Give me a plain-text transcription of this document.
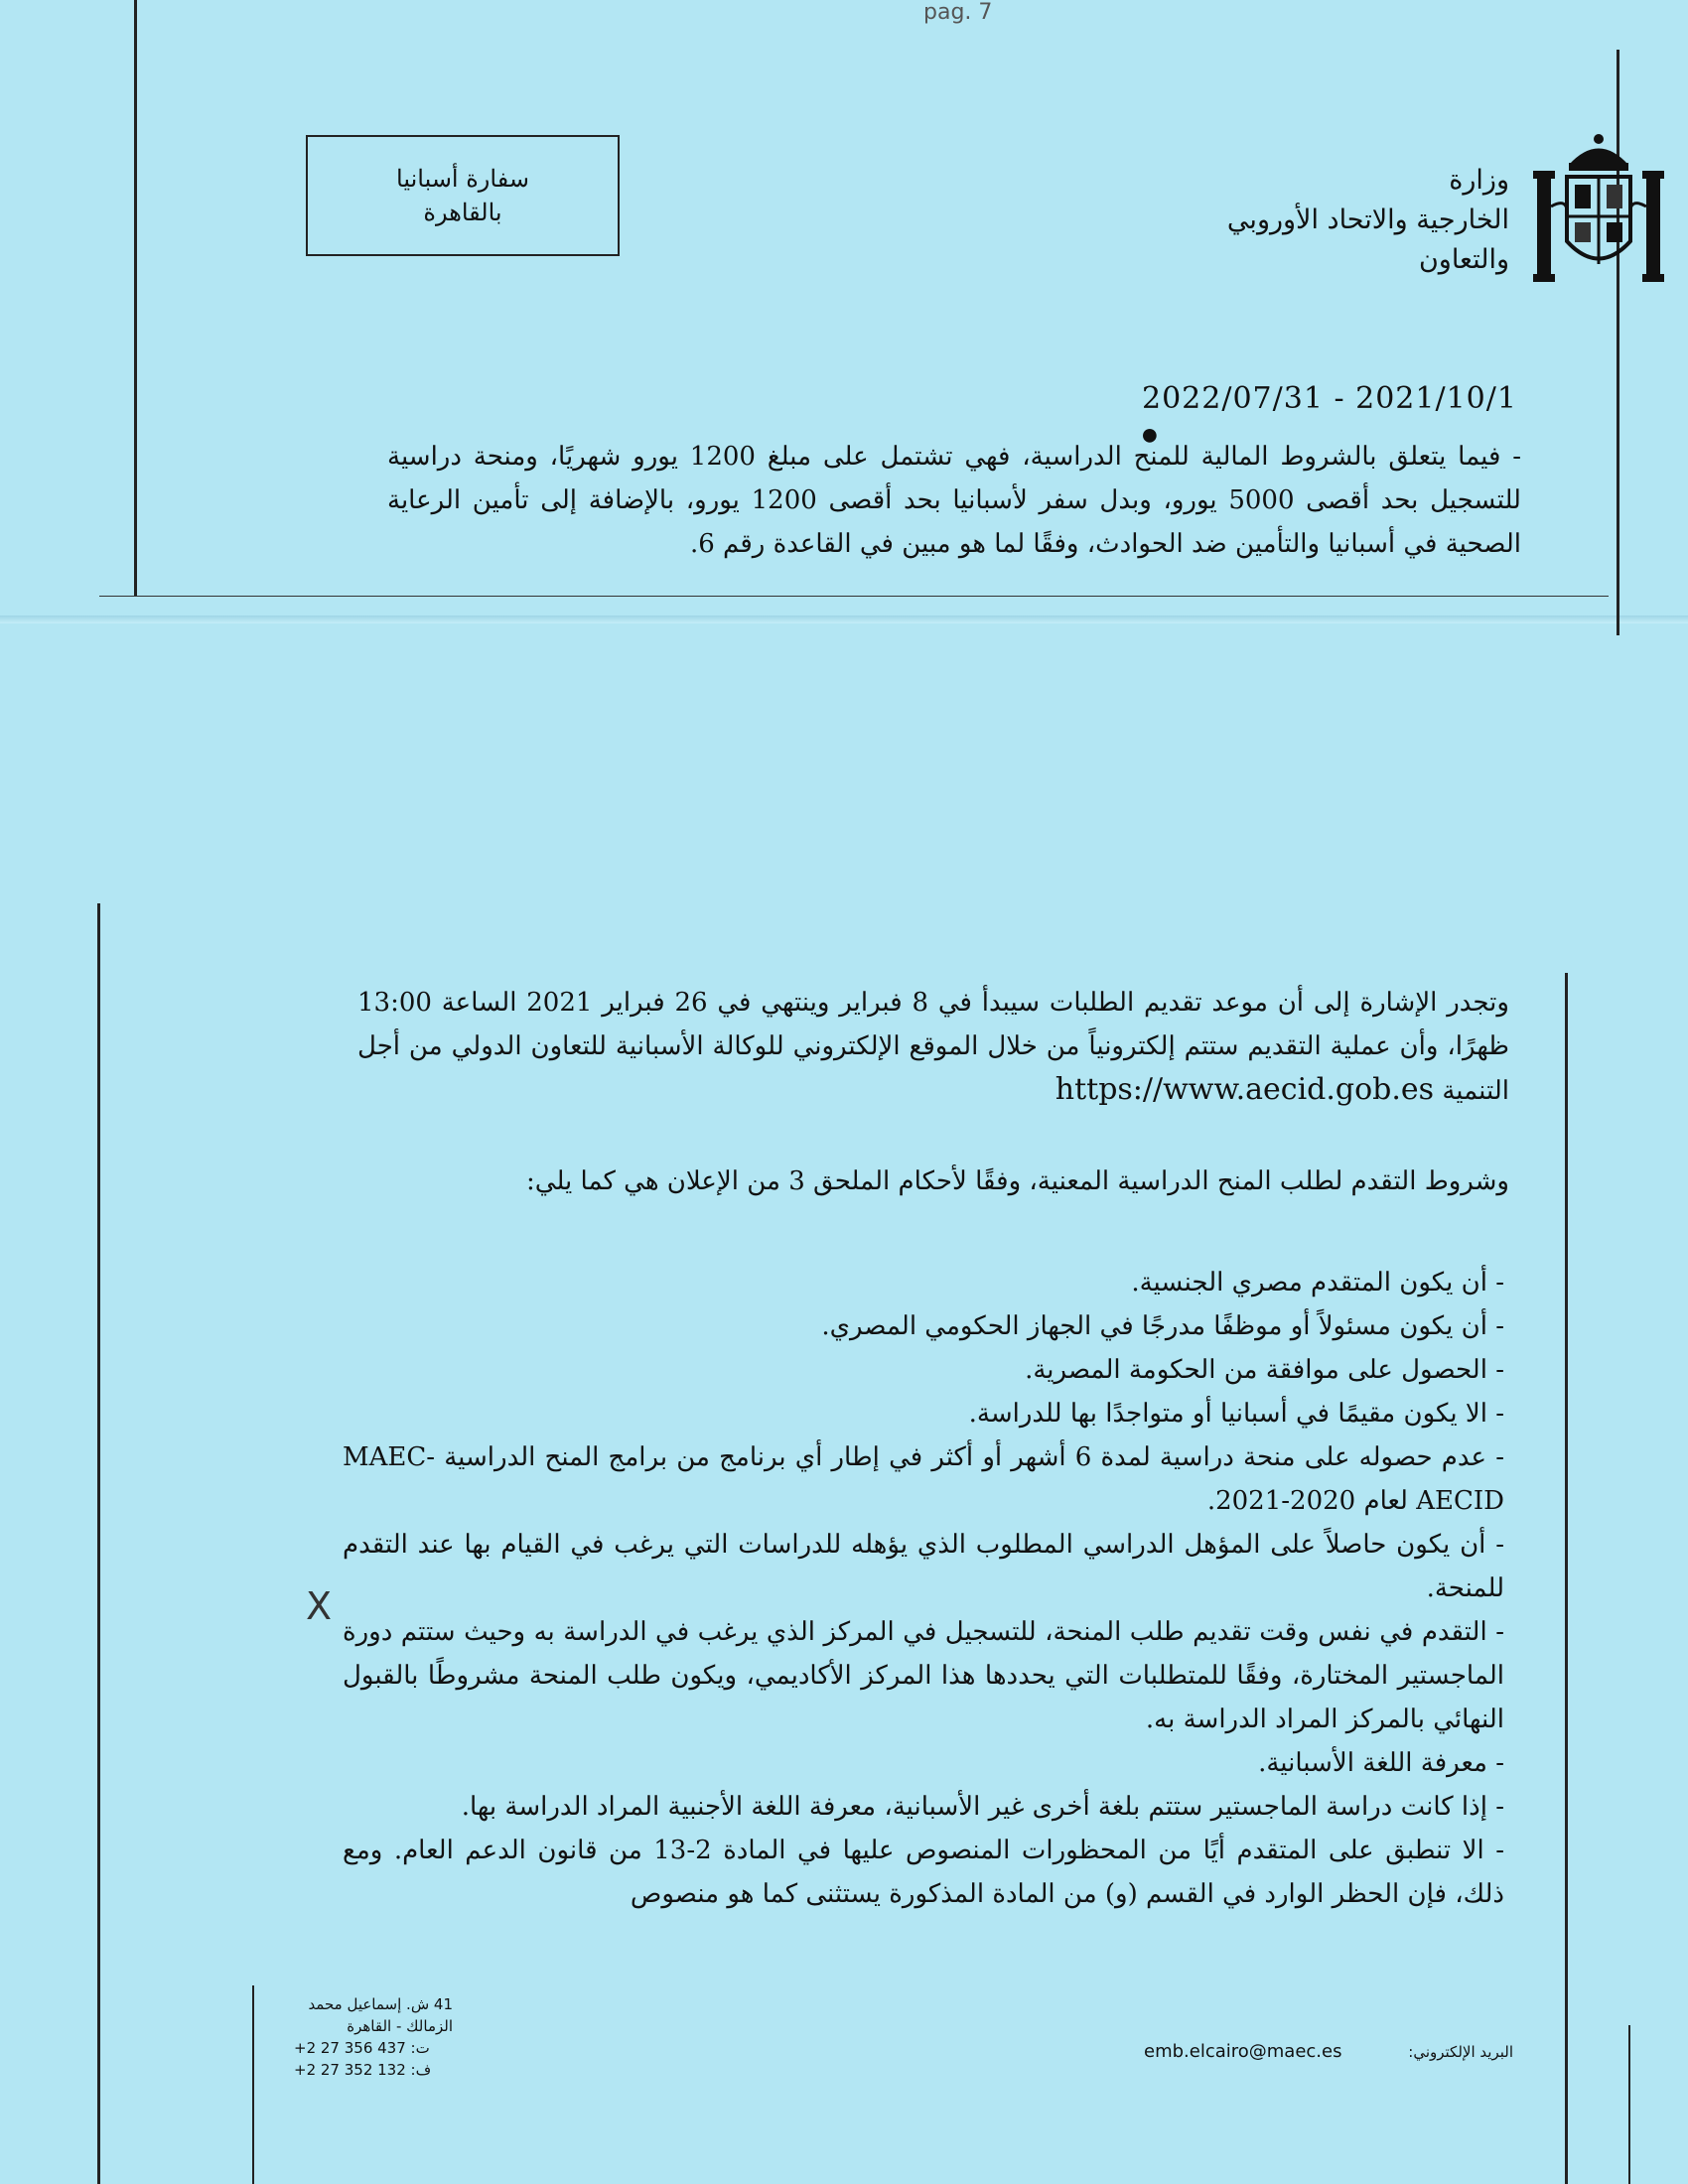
pag. 7
سفارة أسبانيا
بالقاهرة
وزارة
الخارجية والاتحاد الأوروبي
والتعاون
2022/07/31 - 2021/10/1 ●
- فيما يتعلق بالشروط المالية للمنح الدراسية، فهي تشتمل على مبلغ 1200 يورو شهريًا، ومنحة دراسية للتسجيل بحد أقصى 5000 يورو، وبدل سفر لأسبانيا بحد أقصى 1200 يورو، بالإضافة إلى تأمين الرعاية الصحية في أسبانيا والتأمين ضد الحوادث، وفقًا لما هو مبين في القاعدة رقم 6.
وتجدر الإشارة إلى أن موعد تقديم الطلبات سيبدأ في 8 فبراير وينتهي في 26 فبراير 2021 الساعة 13:00 ظهرًا، وأن عملية التقديم ستتم إلكترونياً من خلال الموقع الإلكتروني للوكالة الأسبانية للتعاون الدولي من أجل التنمية https://www.aecid.gob.es
وشروط التقدم لطلب المنح الدراسية المعنية، وفقًا لأحكام الملحق 3 من الإعلان هي كما يلي:
- أن يكون المتقدم مصري الجنسية.
- أن يكون مسئولاً أو موظفًا مدرجًا في الجهاز الحكومي المصري.
- الحصول على موافقة من الحكومة المصرية.
- الا يكون مقيمًا في أسبانيا أو متواجدًا بها للدراسة.
- عدم حصوله على منحة دراسية لمدة 6 أشهر أو أكثر في إطار أي برنامج من برامج المنح الدراسية MAEC-AECID لعام 2020-2021.
- أن يكون حاصلاً على المؤهل الدراسي المطلوب الذي يؤهله للدراسات التي يرغب في القيام بها عند التقدم للمنحة.
- التقدم في نفس وقت تقديم طلب المنحة، للتسجيل في المركز الذي يرغب في الدراسة به وحيث ستتم دورة الماجستير المختارة، وفقًا للمتطلبات التي يحددها هذا المركز الأكاديمي، ويكون طلب المنحة مشروطًا بالقبول النهائي بالمركز المراد الدراسة به.
- معرفة اللغة الأسبانية.
- إذا كانت دراسة الماجستير ستتم بلغة أخرى غير الأسبانية، معرفة اللغة الأجنبية المراد الدراسة بها.
- الا تنطبق على المتقدم أيًا من المحظورات المنصوص عليها في المادة 2-13 من قانون الدعم العام. ومع ذلك، فإن الحظر الوارد في القسم (و) من المادة المذكورة يستثنى كما هو منصوص
X
41 ش. إسماعيل محمد
الزمالك - القاهرة
+2 27 356 437 :ت
+2 27 352 132 :ف
emb.elcairo@maec.es	البريد الإلكتروني:
